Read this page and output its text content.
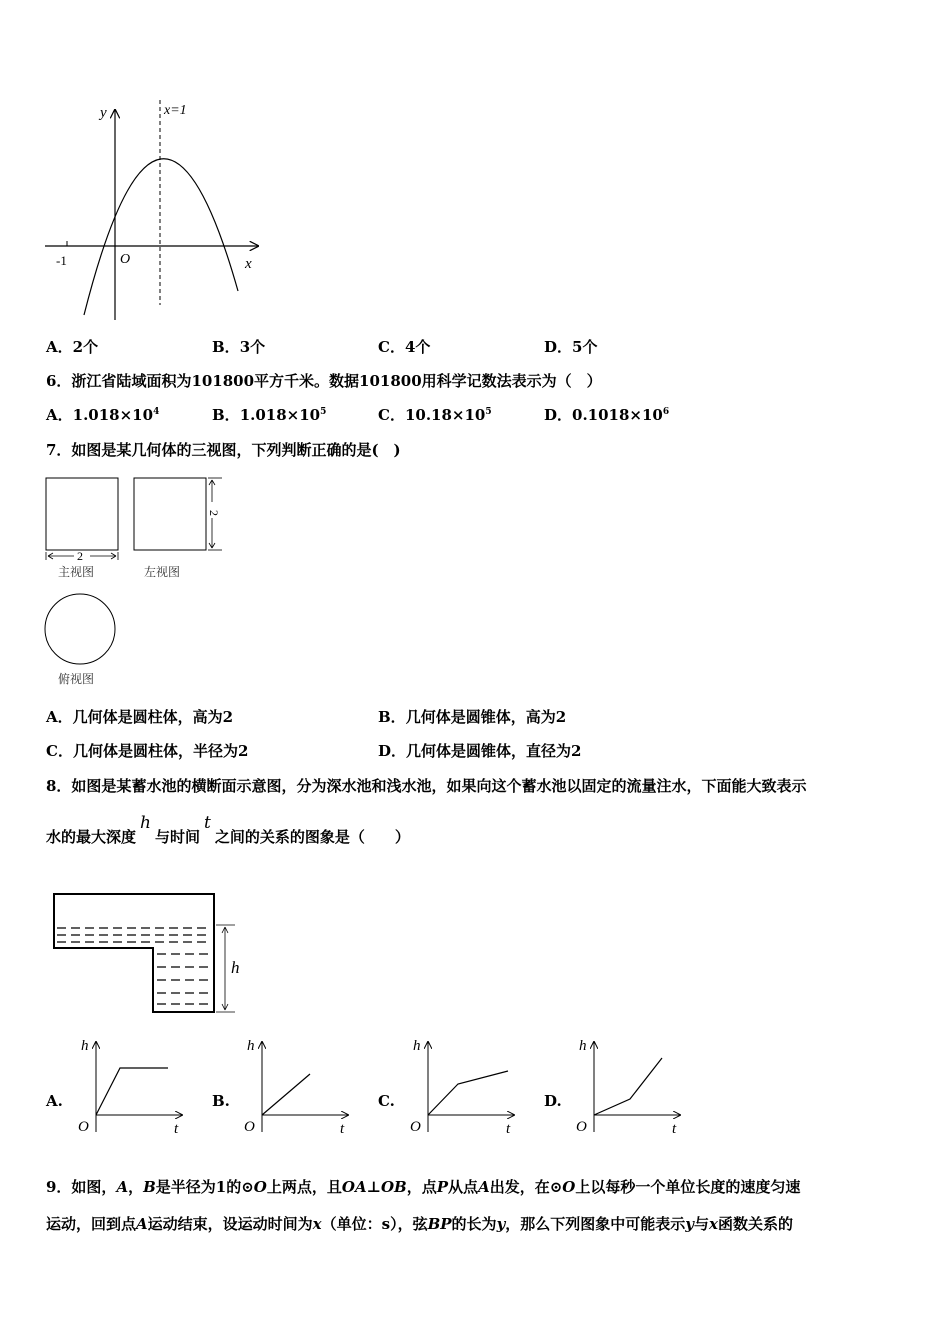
y
x
O
-1
x=1
A．2个	B．3个	C．4个	D．5个
6．浙江省陆域面积为101800平方千米。数据101800用科学记数法表示为（　）
A．$1.018\times 10^4$	B．$1.018\times 10^5$	C．$10.18\times 10^5$	D．$0.1018\times 10^6$
7．如图是某几何体的三视图，下列判断正确的是(　)
2
主视图
2
左视图
俯视图
A．几何体是圆柱体，高为2	B．几何体是圆锥体，高为2
C．几何体是圆柱体，半径为2	D．几何体是圆锥体，直径为2
8．如图是某蓄水池的横断面示意图，分为深水池和浅水池，如果向这个蓄水池以固定的流量注水，下面能大致表示
水的最大深度h与时间t之间的关系的图象是（　　）
h
A.
h
t
O
B.
h
t
O
C.
h
t
O
D.
h
t
O
9．如图，A，B是半径为1的⊙O上两点，且OA⊥OB，点P从点A出发，在⊙O上以每秒一个单位长度的速度匀速
运动，回到点A运动结束，设运动时间为x（单位：s），弦BP的长为y，那么下列图象中可能表示y与x函数关系的
